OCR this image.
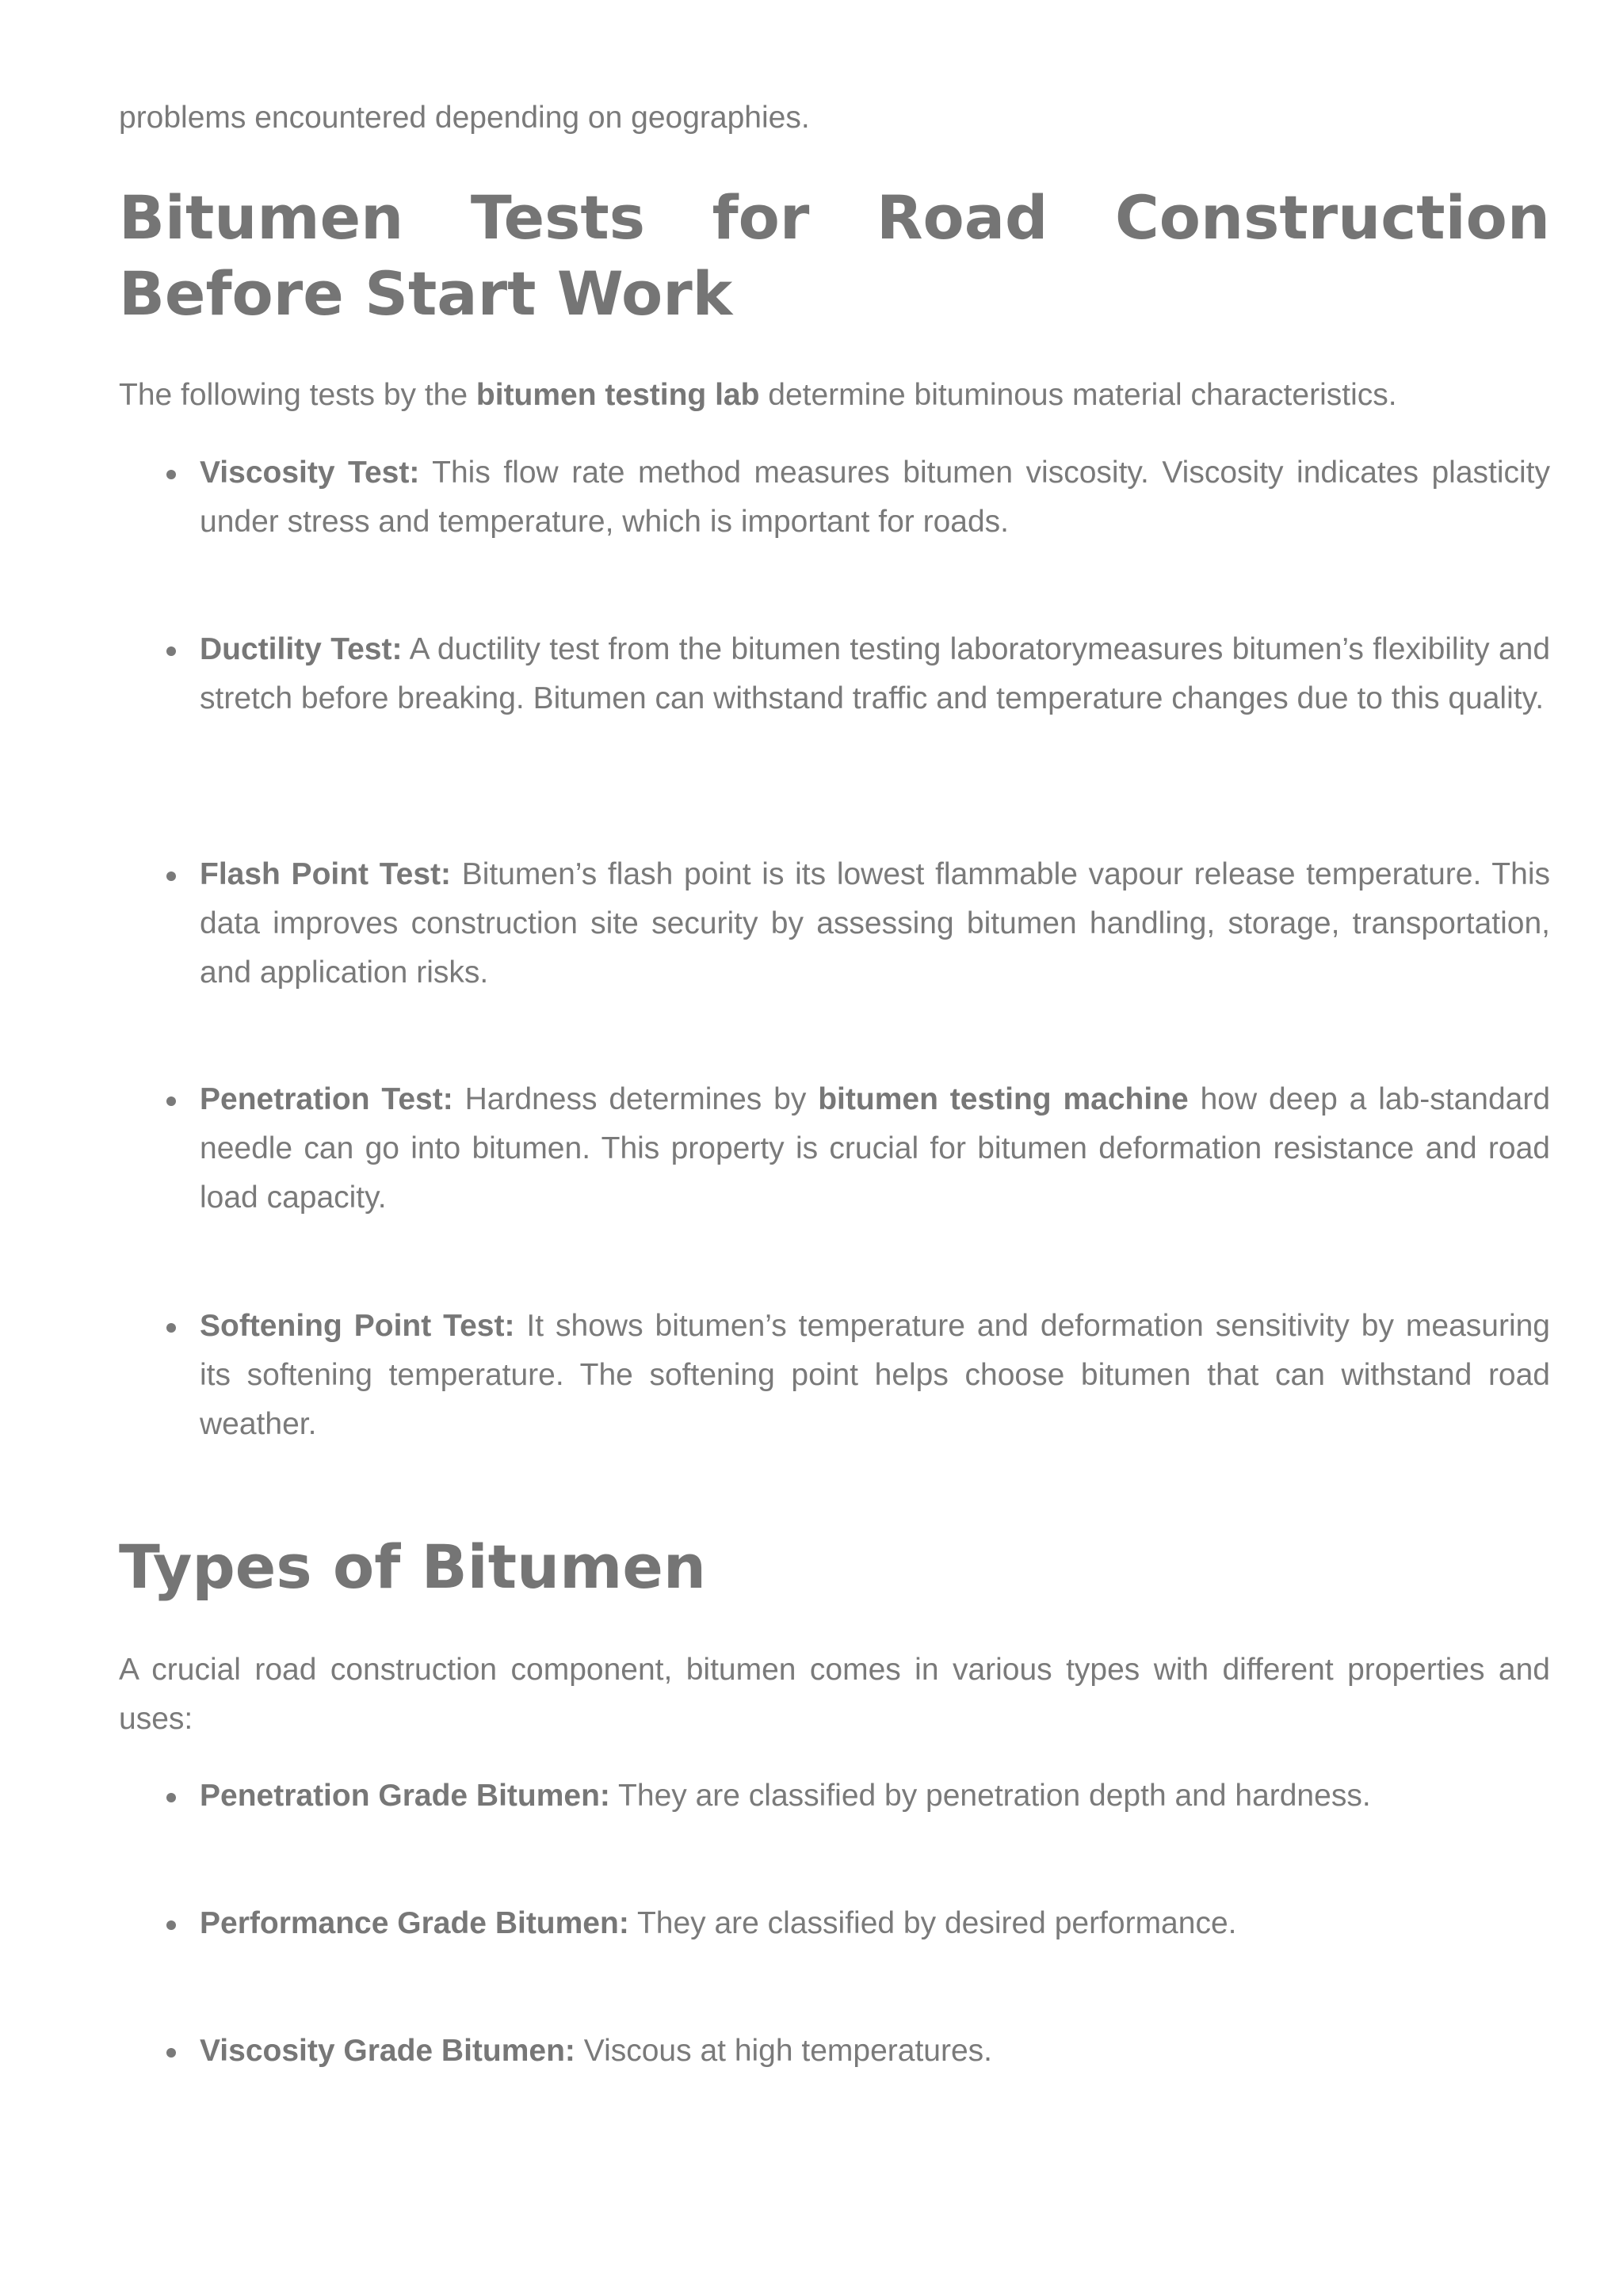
problems encountered depending on geographies.

Bitumen Tests for Road Construction Before Start Work

The following tests by the bitumen testing lab determine bituminous material characteristics.

Viscosity Test: This flow rate method measures bitumen viscosity. Viscosity indicates plasticity under stress and temperature, which is important for roads.
Ductility Test: A ductility test from the bitumen testing laboratorymeasures bitumen’s flexibility and stretch before breaking. Bitumen can withstand traffic and temperature changes due to this quality.
Flash Point Test: Bitumen’s flash point is its lowest flammable vapour release temperature. This data improves construction site security by assessing bitumen handling, storage, transportation, and application risks.
Penetration Test: Hardness determines by bitumen testing machine how deep a lab-standard needle can go into bitumen. This property is crucial for bitumen deformation resistance and road load capacity.
Softening Point Test: It shows bitumen’s temperature and deformation sensitivity by measuring its softening temperature. The softening point helps choose bitumen that can withstand road weather.
Types of Bitumen

A crucial road construction component, bitumen comes in various types with different properties and uses:

Penetration Grade Bitumen: They are classified by penetration depth and hardness.
Performance Grade Bitumen: They are classified by desired performance.
Viscosity Grade Bitumen: Viscous at high temperatures.
